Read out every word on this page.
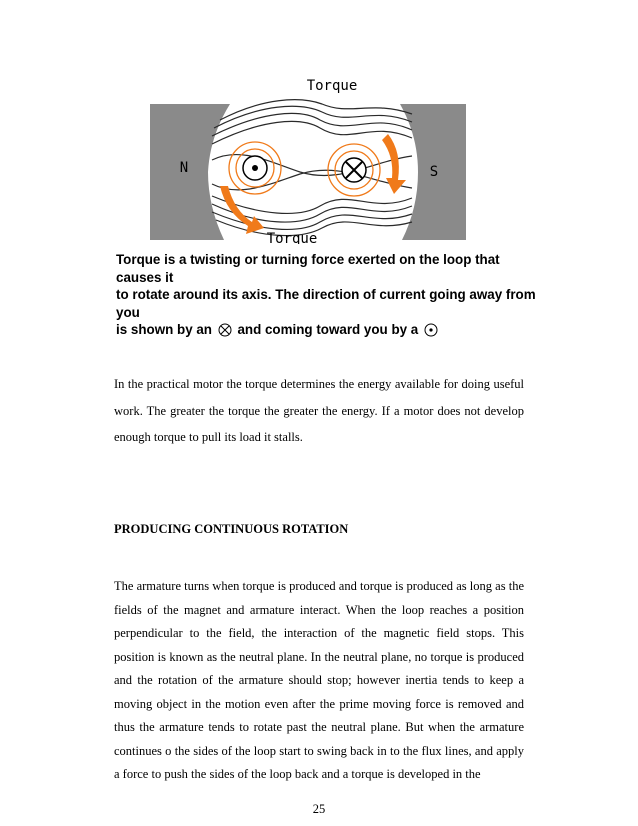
Torque
Torque
N	S
Torque is a twisting or turning force exerted on the loop that causes it
to rotate around its axis. The direction of current going away from you
is shown by an and coming toward you by a
In the practical motor the torque determines the energy available for doing useful work. The greater the torque the greater the energy. If a motor does not develop enough torque to pull its load it stalls.
PRODUCING CONTINUOUS ROTATION
The armature turns when torque is produced and torque is produced as long as the fields of the magnet and armature interact. When the loop reaches a position perpendicular to the field, the interaction of the magnetic field stops. This position is known as the neutral plane. In the neutral plane, no torque is produced and the rotation of the armature should stop; however inertia tends to keep a moving object in the motion even after the prime moving force is removed and thus the armature tends to rotate past the neutral plane. But when the armature continues o the sides of the loop start to swing back in to the flux lines, and apply a force to push the sides of the loop back and a torque is developed in the
25
